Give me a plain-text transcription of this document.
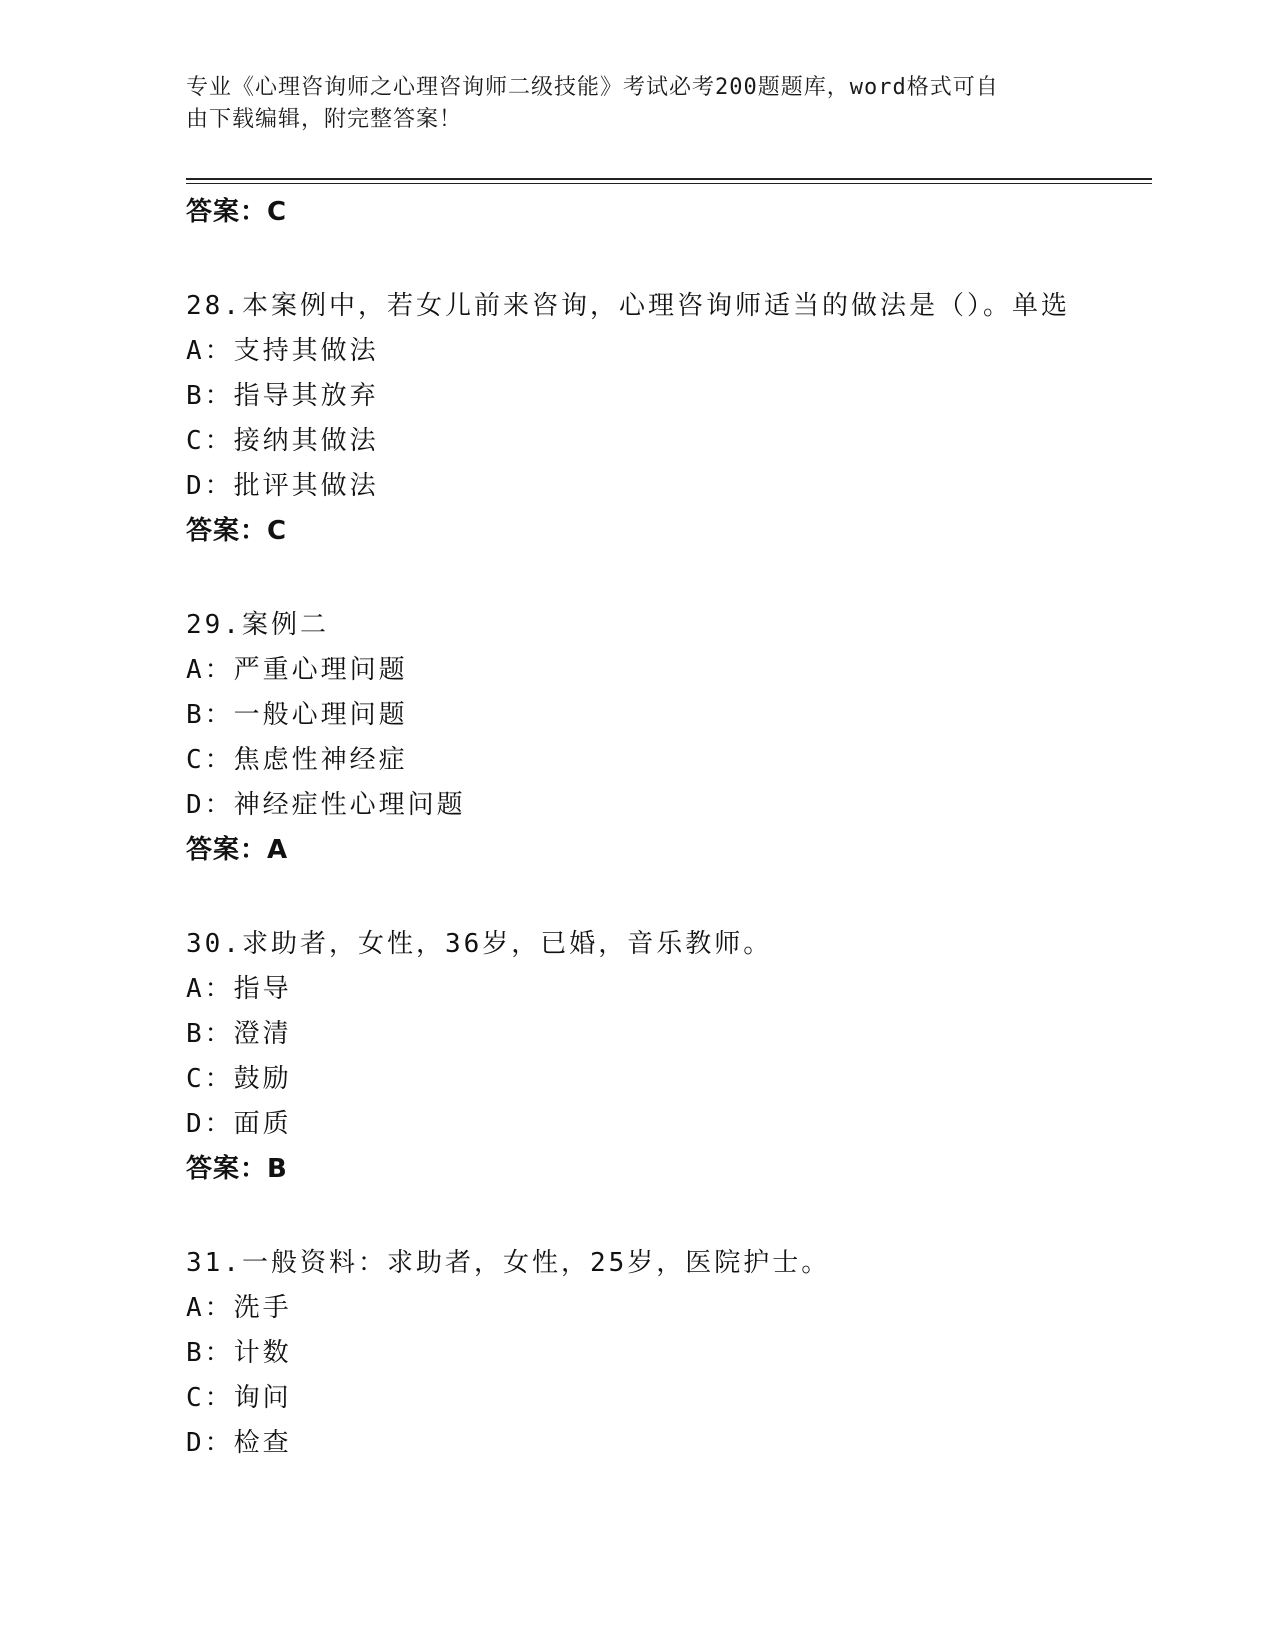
专业《心理咨询师之心理咨询师二级技能》考试必考200题题库，word格式可自
由下载编辑，附完整答案！
答案：C
28.本案例中，若女儿前来咨询，心理咨询师适当的做法是（）。单选
A：支持其做法
B：指导其放弃
C：接纳其做法
D：批评其做法
答案：C
29.案例二
A：严重心理问题
B：一般心理问题
C：焦虑性神经症
D：神经症性心理问题
答案：A
30.求助者，女性，36岁，已婚，音乐教师。
A：指导
B：澄清
C：鼓励
D：面质
答案：B
31.一般资料：求助者，女性，25岁，医院护士。
A：洗手
B：计数
C：询问
D：检查
